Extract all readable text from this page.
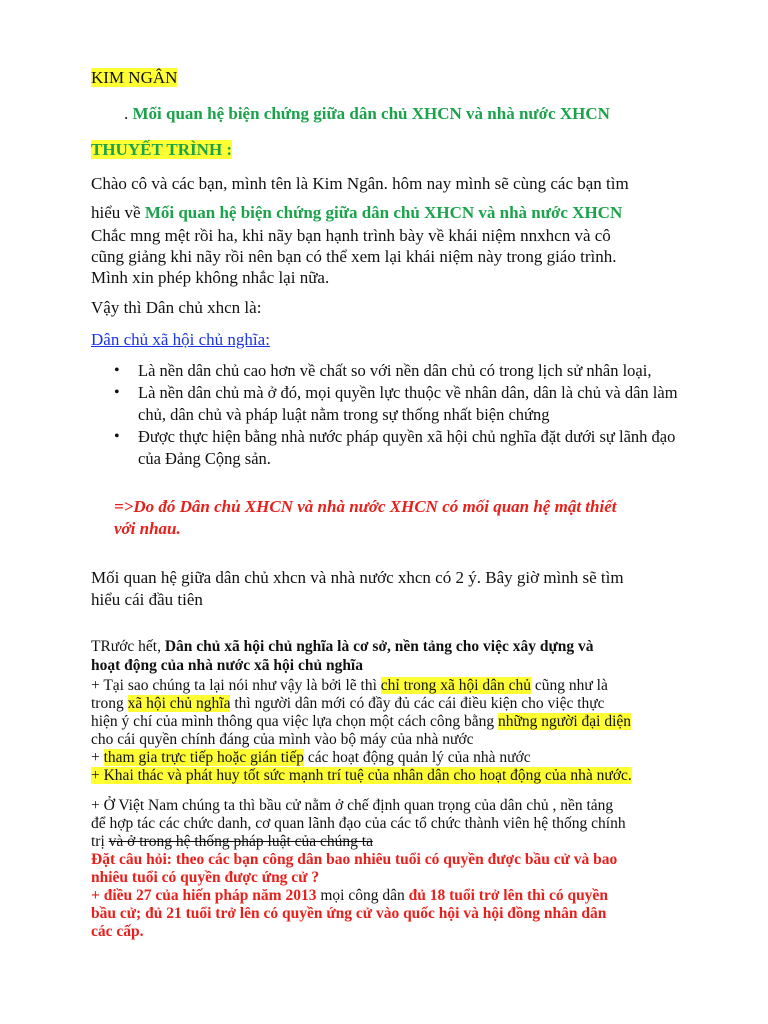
KIM NGÂN
. Mối quan hệ biện chứng giữa dân chủ XHCN và nhà nước XHCN
THUYẾT TRÌNH :
Chào cô và các bạn, mình tên là Kim Ngân. hôm nay mình sẽ cùng các bạn tìm
hiểu về Mối quan hệ biện chứng giữa dân chủ XHCN và nhà nước XHCN
Chắc mng mệt rồi ha, khi nãy bạn hạnh trình bày về khái niệm nnxhcn và cô
cũng giảng khi nãy rồi nên bạn có thể xem lại khái niệm này trong giáo trình.
Mình xin phép không nhắc lại nữa.
Vậy thì Dân chủ xhcn là:
Dân chủ xã hội chủ nghĩa:
• Là nền dân chủ cao hơn về chất so với nền dân chủ có trong lịch sử nhân loại,
• Là nền dân chủ mà ở đó, mọi quyền lực thuộc về nhân dân, dân là chủ và dân làm chủ, dân chủ và pháp luật nằm trong sự thống nhất biện chứng
• Được thực hiện bằng nhà nước pháp quyền xã hội chủ nghĩa đặt dưới sự lãnh đạo của Đảng Cộng sản.
=>Do đó Dân chủ XHCN và nhà nước XHCN có mối quan hệ mật thiết
với nhau.
Mối quan hệ giữa dân chủ xhcn và nhà nước xhcn có 2 ý. Bây giờ mình sẽ tìm
hiểu cái đầu tiên
TRước hết, Dân chủ xã hội chủ nghĩa là cơ sở, nền tảng cho việc xây dựng và
hoạt động của nhà nước xã hội chủ nghĩa
+ Tại sao chúng ta lại nói như vậy là bởi lẽ thì chỉ trong xã hội dân chủ cũng như là
trong xã hội chủ nghĩa thì người dân mới có đầy đủ các cái điều kiện cho việc thực
hiện ý chí của mình thông qua việc lựa chọn một cách công bằng những người đại diện
cho cái quyền chính đáng của mình vào bộ máy của nhà nước
+ tham gia trực tiếp hoặc gián tiếp các hoạt động quản lý của nhà nước
+ Khai thác và phát huy tốt sức mạnh trí tuệ của nhân dân cho hoạt động của nhà nước.
+ Ở Việt Nam chúng ta thì bầu cử nằm ở chế định quan trọng của dân chủ , nền tảng
để hợp tác các chức danh, cơ quan lãnh đạo của các tổ chức thành viên hệ thống chính
trị và ở trong hệ thống pháp luật của chúng ta
Đặt câu hỏi: theo các bạn công dân bao nhiêu tuổi có quyền được bầu cử và bao
nhiêu tuổi có quyền được ứng cử ?
+ điều 27 của hiến pháp năm 2013 mọi công dân đủ 18 tuổi trở lên thì có quyền
bầu cử; đủ 21 tuổi trở lên có quyền ứng cử vào quốc hội và hội đồng nhân dân
các cấp.
